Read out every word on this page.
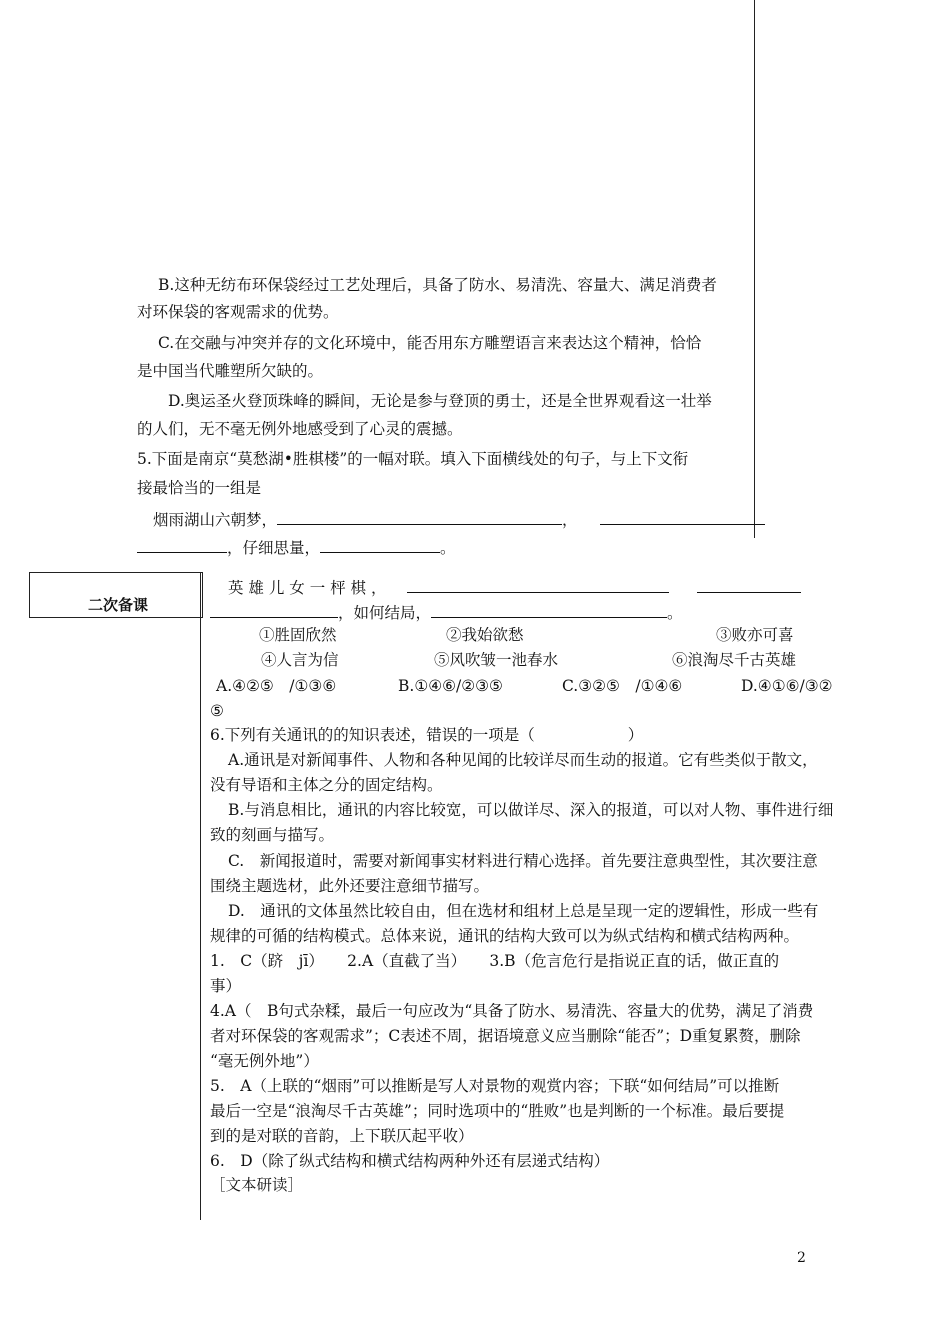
二次备课
B.这种无纺布环保袋经过工艺处理后，具备了防水、易清洗、容量大、满足消费者
对环保袋的客观需求的优势。
C.在交融与冲突并存的文化环境中，能否用东方雕塑语言来表达这个精神，恰恰
是中国当代雕塑所欠缺的。
D.奥运圣火登顶珠峰的瞬间，无论是参与登顶的勇士，还是全世界观看这一壮举
的人们，无不毫无例外地感受到了心灵的震撼。
5.下面是南京“莫愁湖•胜棋楼”的一幅对联。填入下面横线处的句子，与上下文衔
接最恰当的一组是
烟雨湖山六朝梦，	，
，仔细思量，	。
英 雄 儿 女 一 枰 棋 ，
，如何结局，	。
①胜固欣然	②我始欲愁	③败亦可喜
④人言为信	⑤风吹皱一池春水	⑥浪淘尽千古英雄
A.④②⑤　/①③⑥	B.①④⑥/②③⑤	C.③②⑤　/①④⑥	D.④①⑥/③②
⑤
6.下列有关通讯的的知识表述，错误的一项是（　　　　　　）
A.通讯是对新闻事件、人物和各种见闻的比较详尽而生动的报道。它有些类似于散文，
没有导语和主体之分的固定结构。
B.与消息相比，通讯的内容比较宽，可以做详尽、深入的报道，可以对人物、事件进行细
致的刻画与描写。
C.　新闻报道时，需要对新闻事实材料进行精心选择。首先要注意典型性，其次要注意
围绕主题选材，此外还要注意细节描写。
D.　通讯的文体虽然比较自由，但在选材和组材上总是呈现一定的逻辑性，形成一些有
规律的可循的结构模式。总体来说，通讯的结构大致可以为纵式结构和横式结构两种。
1.　C（跻　jī）　　2.A（直截了当）　　3.B（危言危行是指说正直的话，做正直的
事）
4.A（　B句式杂糅，最后一句应改为“具备了防水、易清洗、容量大的优势，满足了消费
者对环保袋的客观需求”；C表述不周，据语境意义应当删除“能否”；D重复累赘，删除
“毫无例外地”）
5.　A（上联的“烟雨”可以推断是写人对景物的观赏内容；下联“如何结局”可以推断
最后一空是“浪淘尽千古英雄”；同时选项中的“胜败”也是判断的一个标准。最后要提
到的是对联的音韵，上下联仄起平收）
6.　D（除了纵式结构和横式结构两种外还有层递式结构）
［文本研读］
2
